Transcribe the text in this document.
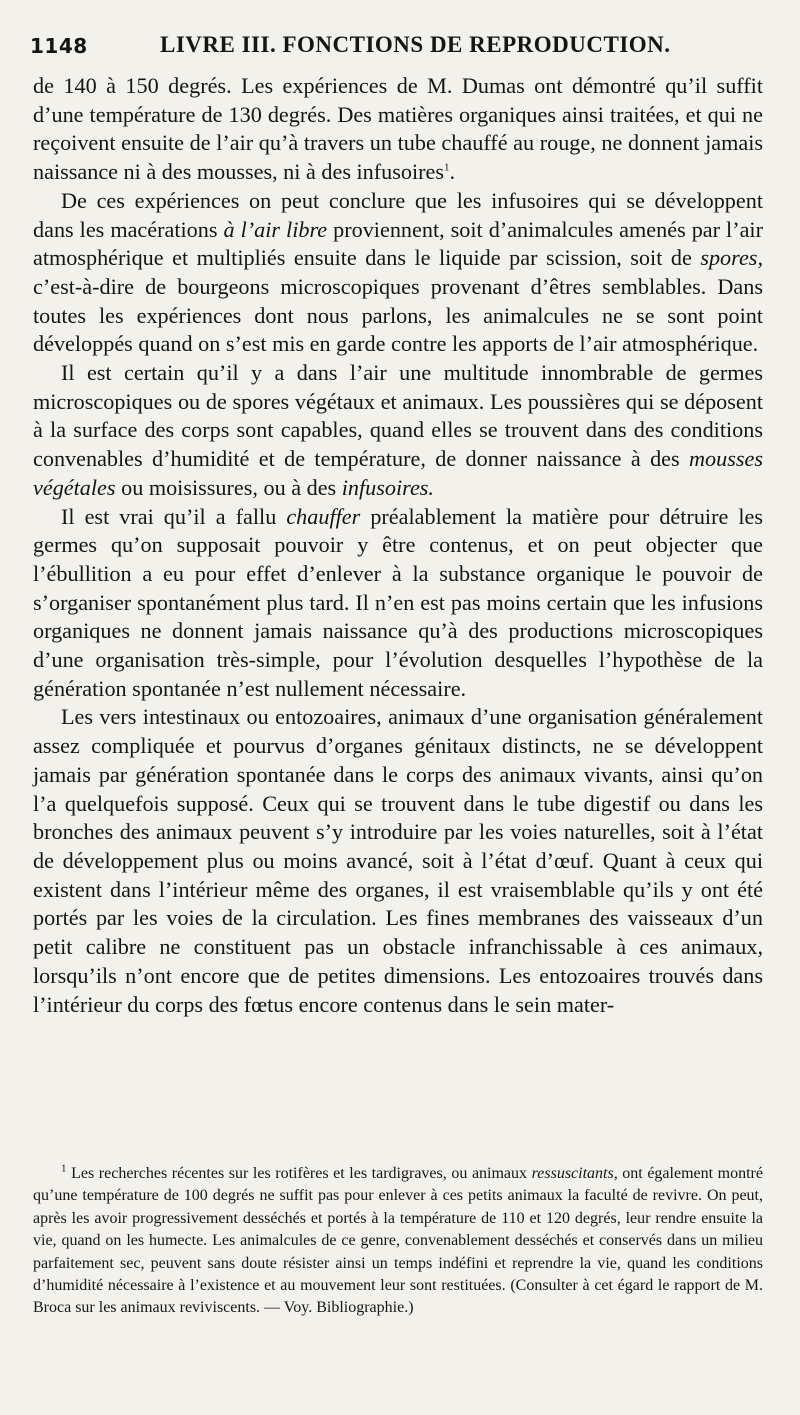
1148	LIVRE III. FONCTIONS DE REPRODUCTION.

de 140 à 150 degrés. Les expériences de M. Dumas ont démontré qu’il suffit d’une température de 130 degrés. Des matières organiques ainsi traitées, et qui ne reçoivent ensuite de l’air qu’à travers un tube chauffé au rouge, ne donnent jamais naissance ni à des mousses, ni à des infusoires$^1$.

De ces expériences on peut conclure que les infusoires qui se développent dans les macérations à l’air libre proviennent, soit d’animalcules amenés par l’air atmosphérique et multipliés ensuite dans le liquide par scission, soit de spores, c’est-à-dire de bourgeons microscopiques provenant d’êtres semblables. Dans toutes les expériences dont nous parlons, les animalcules ne se sont point développés quand on s’est mis en garde contre les apports de l’air atmosphérique.

Il est certain qu’il y a dans l’air une multitude innombrable de germes microscopiques ou de spores végétaux et animaux. Les poussières qui se déposent à la surface des corps sont capables, quand elles se trouvent dans des conditions convenables d’humidité et de température, de donner naissance à des mousses végétales ou moisissures, ou à des infusoires.

Il est vrai qu’il a fallu chauffer préalablement la matière pour détruire les germes qu’on supposait pouvoir y être contenus, et on peut objecter que l’ébullition a eu pour effet d’enlever à la substance organique le pouvoir de s’organiser spontanément plus tard. Il n’en est pas moins certain que les infusions organiques ne donnent jamais naissance qu’à des productions microscopiques d’une organisation très-simple, pour l’évolution desquelles l’hypothèse de la génération spontanée n’est nullement nécessaire.

Les vers intestinaux ou entozoaires, animaux d’une organisation généralement assez compliquée et pourvus d’organes génitaux distincts, ne se développent jamais par génération spontanée dans le corps des animaux vivants, ainsi qu’on l’a quelquefois supposé. Ceux qui se trouvent dans le tube digestif ou dans les bronches des animaux peuvent s’y introduire par les voies naturelles, soit à l’état de développement plus ou moins avancé, soit à l’état d’œuf. Quant à ceux qui existent dans l’intérieur même des organes, il est vraisemblable qu’ils y ont été portés par les voies de la circulation. Les fines membranes des vaisseaux d’un petit calibre ne constituent pas un obstacle infranchissable à ces animaux, lorsqu’ils n’ont encore que de petites dimensions. Les entozoaires trouvés dans l’intérieur du corps des fœtus encore contenus dans le sein mater-

$^1$ Les recherches récentes sur les rotifères et les tardigraves, ou animaux ressuscitants, ont également montré qu’une température de 100 degrés ne suffit pas pour enlever à ces petits animaux la faculté de revivre. On peut, après les avoir progressivement desséchés et portés à la température de 110 et 120 degrés, leur rendre ensuite la vie, quand on les humecte. Les animalcules de ce genre, convenablement desséchés et conservés dans un milieu parfaitement sec, peuvent sans doute résister ainsi un temps indéfini et reprendre la vie, quand les conditions d’humidité nécessaire à l’existence et au mouvement leur sont restituées. (Consulter à cet égard le rapport de M. Broca sur les animaux reviviscents. — Voy. Bibliographie.)
